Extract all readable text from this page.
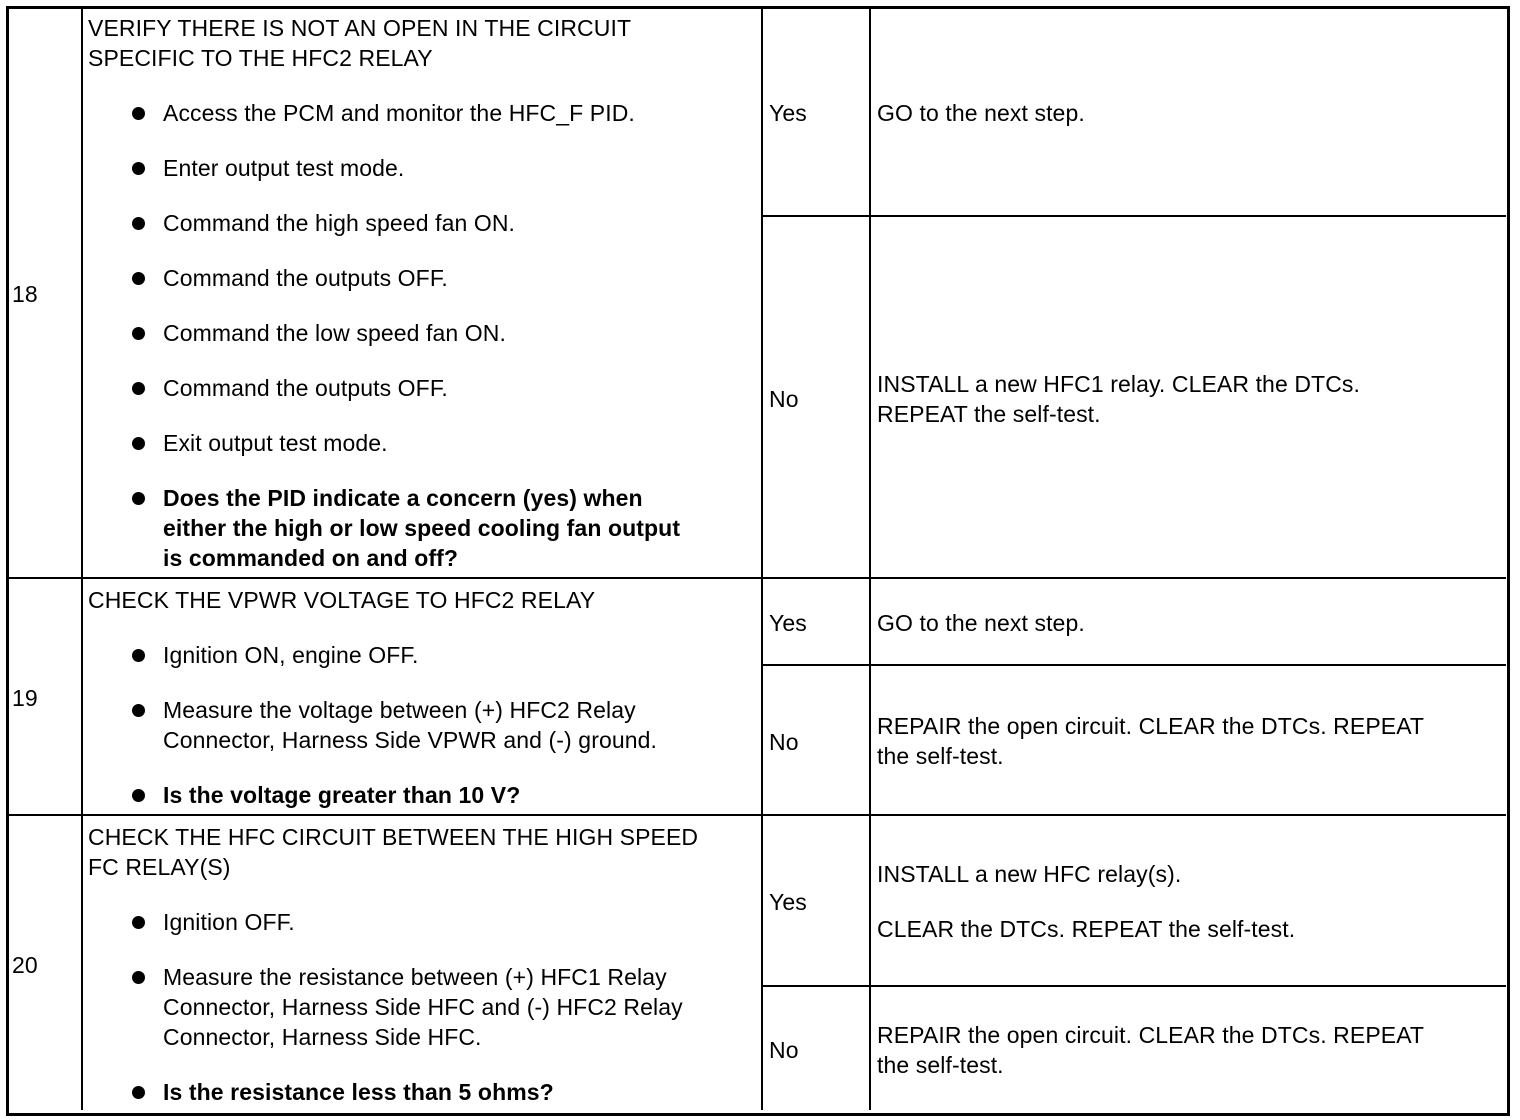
18
VERIFY THERE IS NOT AN OPEN IN THE CIRCUIT
SPECIFIC TO THE HFC2 RELAY
Access the PCM and monitor the HFC_F PID.
Enter output test mode.
Command the high speed fan ON.
Command the outputs OFF.
Command the low speed fan ON.
Command the outputs OFF.
Exit output test mode.
Does the PID indicate a concern (yes) when
either the high or low speed cooling fan output
is commanded on and off?
Yes	GO to the next step.
No
INSTALL a new HFC1 relay. CLEAR the DTCs.
REPEAT the self-test.
19
CHECK THE VPWR VOLTAGE TO HFC2 RELAY
Ignition ON, engine OFF.
Measure the voltage between (+) HFC2 Relay
Connector, Harness Side VPWR and (-) ground.
Is the voltage greater than 10 V?
Yes	GO to the next step.
No
REPAIR the open circuit. CLEAR the DTCs. REPEAT
the self-test.
20
CHECK THE HFC CIRCUIT BETWEEN THE HIGH SPEED
FC RELAY(S)
Ignition OFF.
Measure the resistance between (+) HFC1 Relay
Connector, Harness Side HFC and (-) HFC2 Relay
Connector, Harness Side HFC.
Is the resistance less than 5 ohms?
Yes
INSTALL a new HFC relay(s).
CLEAR the DTCs. REPEAT the self-test.
No
REPAIR the open circuit. CLEAR the DTCs. REPEAT
the self-test.
